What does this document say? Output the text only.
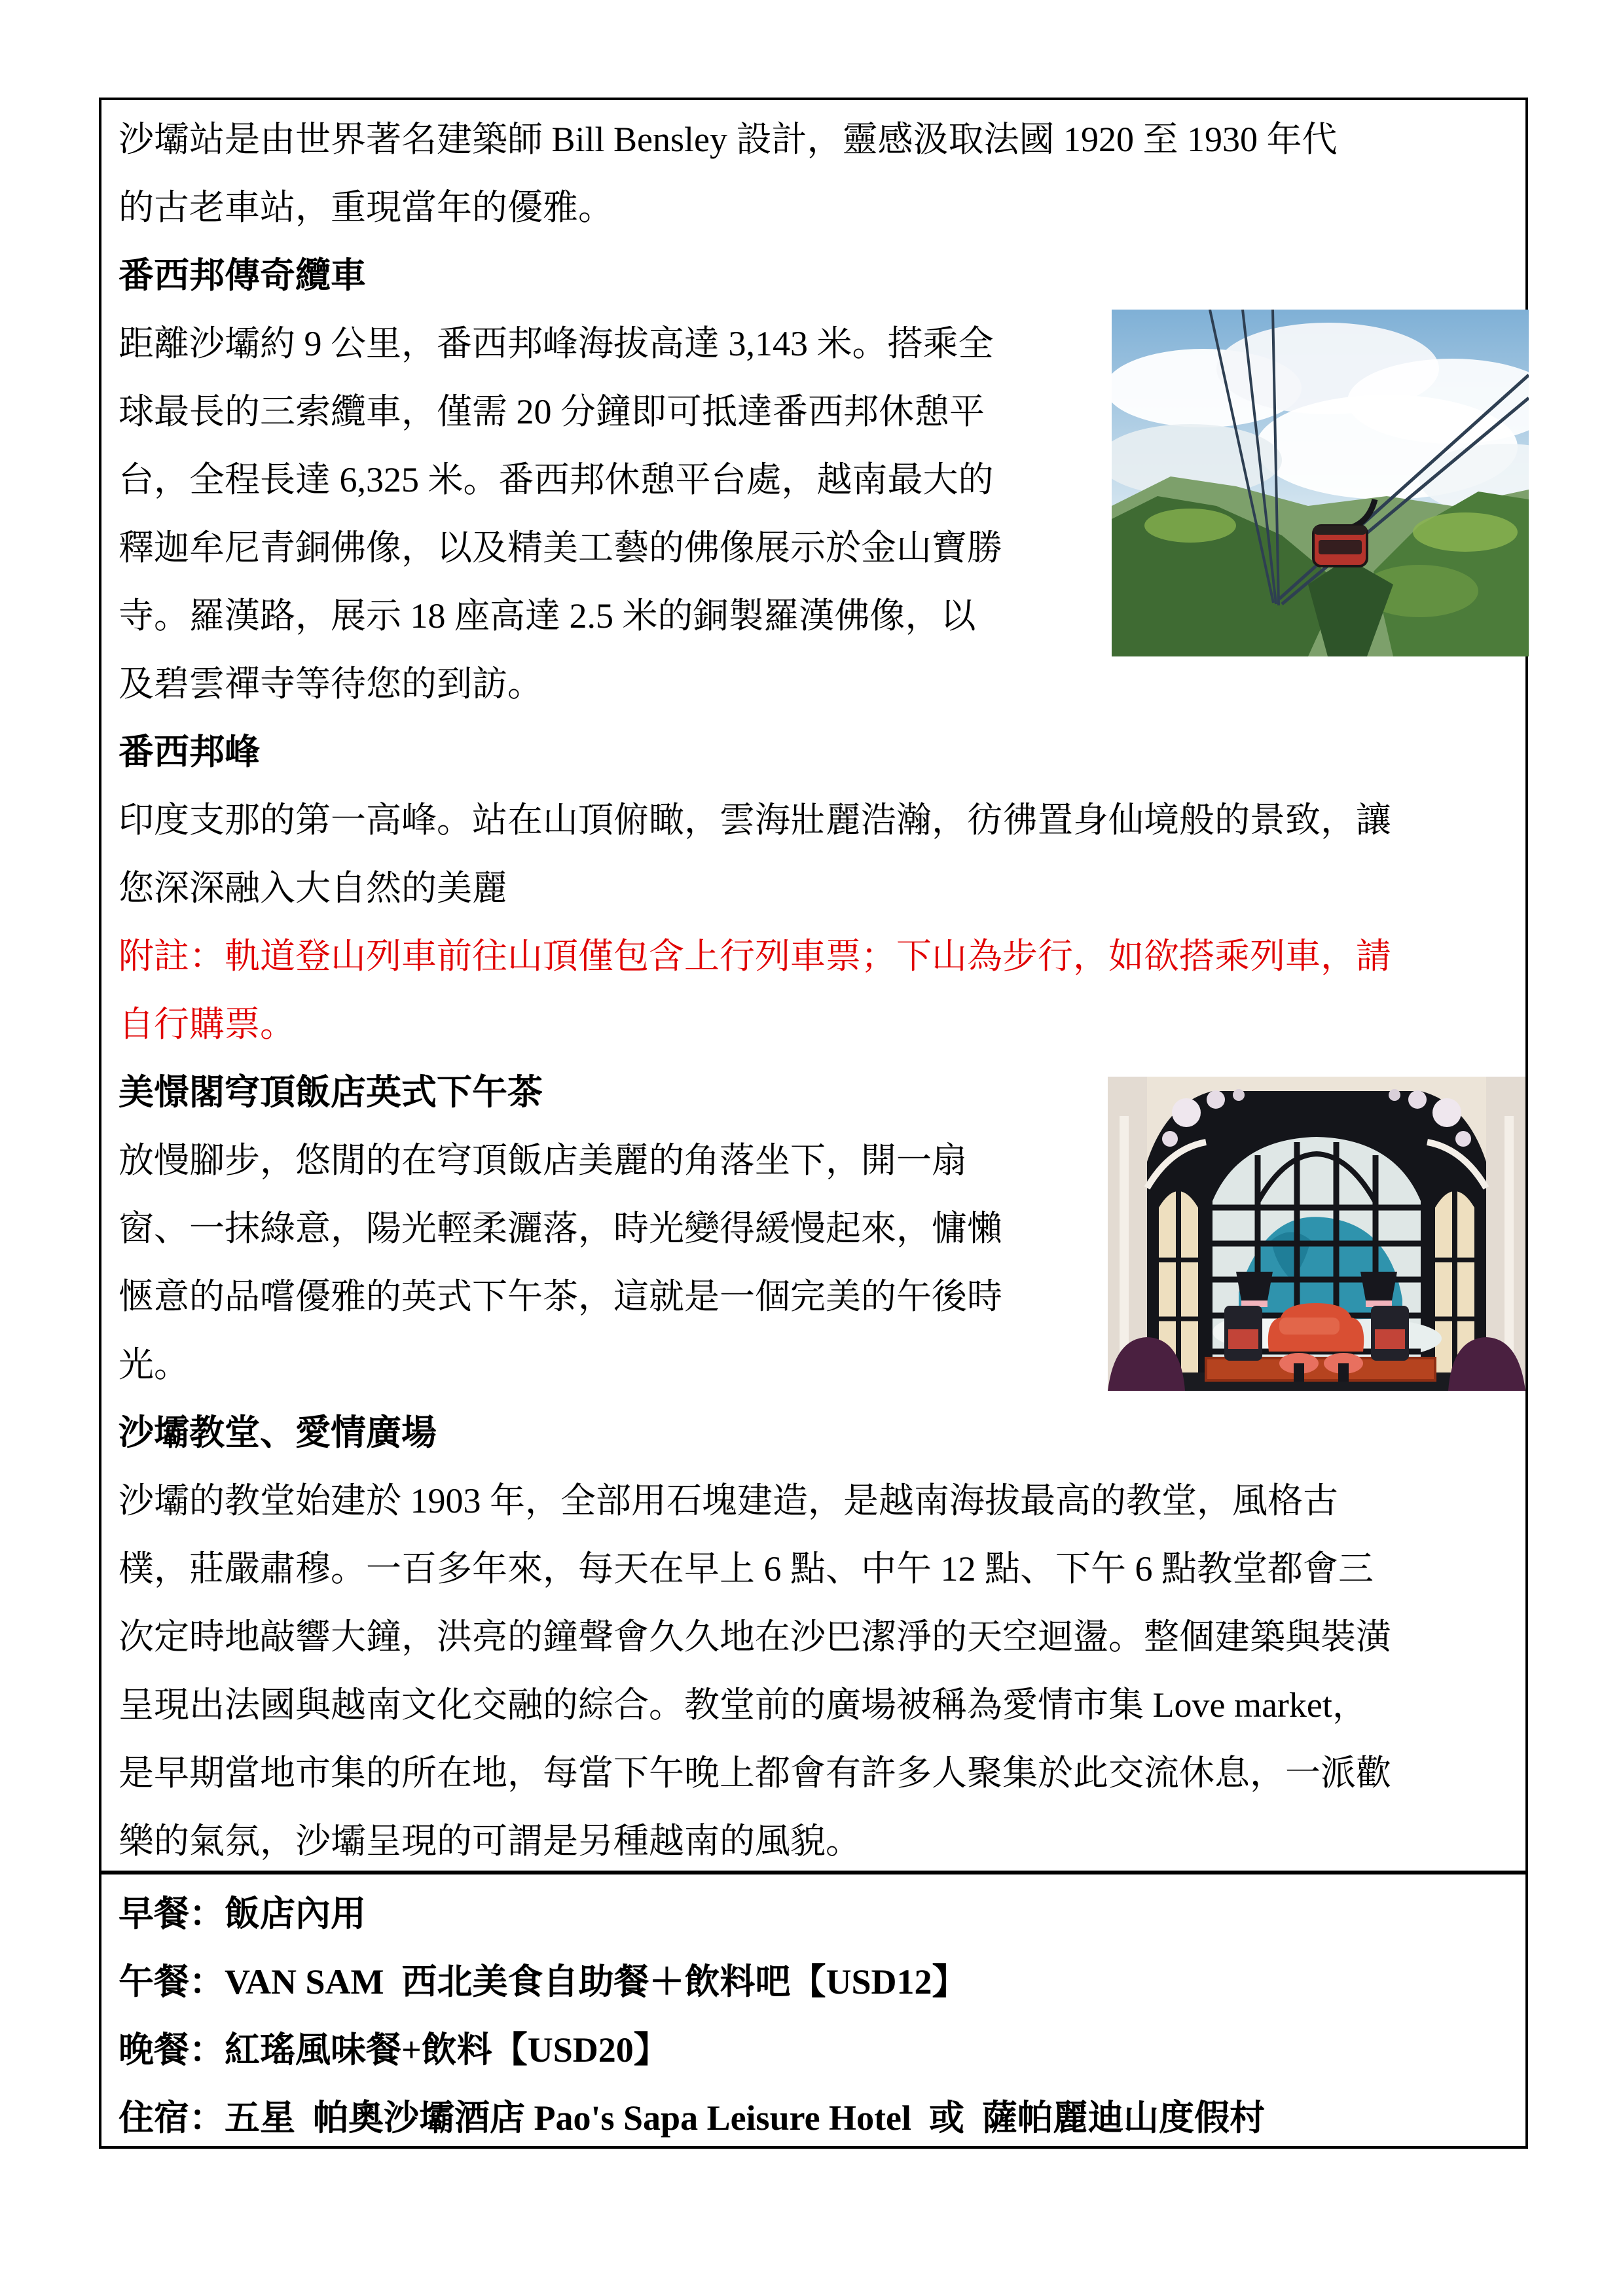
沙壩站是由世界著名建築師 Bill Bensley 設計，靈感汲取法國 1920 至 1930 年代
的古老車站，重現當年的優雅。
番西邦傳奇纜車
距離沙壩約 9 公里，番西邦峰海拔高達 3,143 米。搭乘全
球最長的三索纜車，僅需 20 分鐘即可抵達番西邦休憩平
台，全程長達 6,325 米。番西邦休憩平台處，越南最大的
釋迦牟尼青銅佛像，以及精美工藝的佛像展示於金山寶勝
寺。羅漢路，展示 18 座高達 2.5 米的銅製羅漢佛像，以
及碧雲禪寺等待您的到訪。
番西邦峰
印度支那的第一高峰。站在山頂俯瞰，雲海壯麗浩瀚，彷彿置身仙境般的景致，讓
您深深融入大自然的美麗
附註：軌道登山列車前往山頂僅包含上行列車票；下山為步行，如欲搭乘列車，請
自行購票。
美憬閣穹頂飯店英式下午茶
放慢腳步，悠閒的在穹頂飯店美麗的角落坐下，開一扇
窗、一抹綠意，陽光輕柔灑落，時光變得緩慢起來，慵懶
愜意的品嚐優雅的英式下午茶，這就是一個完美的午後時
光。
沙壩教堂、愛情廣場
沙壩的教堂始建於 1903 年，全部用石塊建造，是越南海拔最高的教堂，風格古
樸，莊嚴肅穆。一百多年來，每天在早上 6 點、中午 12 點、下午 6 點教堂都會三
次定時地敲響大鐘，洪亮的鐘聲會久久地在沙巴潔淨的天空迴盪。整個建築與裝潢
呈現出法國與越南文化交融的綜合。教堂前的廣場被稱為愛情市集 Love market，
是早期當地市集的所在地，每當下午晚上都會有許多人聚集於此交流休息，一派歡
樂的氣氛，沙壩呈現的可謂是另種越南的風貌。
早餐：飯店內用
午餐：VAN SAM  西北美食自助餐＋飲料吧【USD12】
晚餐：紅瑤風味餐+飲料【USD20】
住宿：五星  帕奧沙壩酒店 Pao's Sapa Leisure Hotel  或  薩帕麗迪山度假村
